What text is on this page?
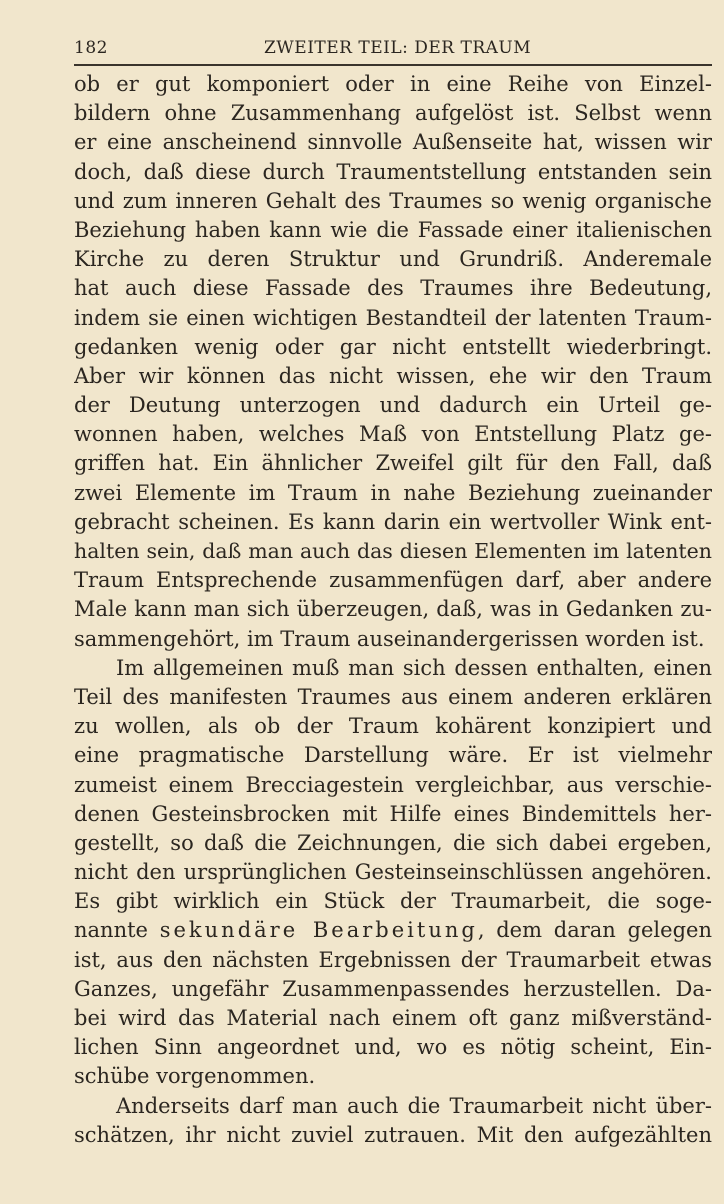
182	ZWEITER TEIL: DER TRAUM
ob er gut komponiert oder in eine Reihe von Einzel-
bildern ohne Zusammenhang aufgelöst ist. Selbst wenn
er eine anscheinend sinnvolle Außenseite hat, wissen wir
doch, daß diese durch Traumentstellung entstanden sein
und zum inneren Gehalt des Traumes so wenig organische
Beziehung haben kann wie die Fassade einer italienischen
Kirche zu deren Struktur und Grundriß. Anderemale
hat auch diese Fassade des Traumes ihre Bedeutung,
indem sie einen wichtigen Bestandteil der latenten Traum-
gedanken wenig oder gar nicht entstellt wiederbringt.
Aber wir können das nicht wissen, ehe wir den Traum
der Deutung unterzogen und dadurch ein Urteil ge-
wonnen haben, welches Maß von Entstellung Platz ge-
griffen hat. Ein ähnlicher Zweifel gilt für den Fall, daß
zwei Elemente im Traum in nahe Beziehung zueinander
gebracht scheinen. Es kann darin ein wertvoller Wink ent-
halten sein, daß man auch das diesen Elementen im latenten
Traum Entsprechende zusammenfügen darf, aber andere
Male kann man sich überzeugen, daß, was in Gedanken zu-
sammengehört, im Traum auseinandergerissen worden ist.
Im allgemeinen muß man sich dessen enthalten, einen
Teil des manifesten Traumes aus einem anderen erklären
zu wollen, als ob der Traum kohärent konzipiert und
eine pragmatische Darstellung wäre. Er ist vielmehr
zumeist einem Brecciagestein vergleichbar, aus verschie-
denen Gesteinsbrocken mit Hilfe eines Bindemittels her-
gestellt, so daß die Zeichnungen, die sich dabei ergeben,
nicht den ursprünglichen Gesteinseinschlüssen angehören.
Es gibt wirklich ein Stück der Traumarbeit, die soge-
nannte sekundäre Bearbeitung, dem daran gelegen
ist, aus den nächsten Ergebnissen der Traumarbeit etwas
Ganzes, ungefähr Zusammenpassendes herzustellen. Da-
bei wird das Material nach einem oft ganz mißverständ-
lichen Sinn angeordnet und, wo es nötig scheint, Ein-
schübe vorgenommen.
Anderseits darf man auch die Traumarbeit nicht über-
schätzen, ihr nicht zuviel zutrauen. Mit den aufgezählten
